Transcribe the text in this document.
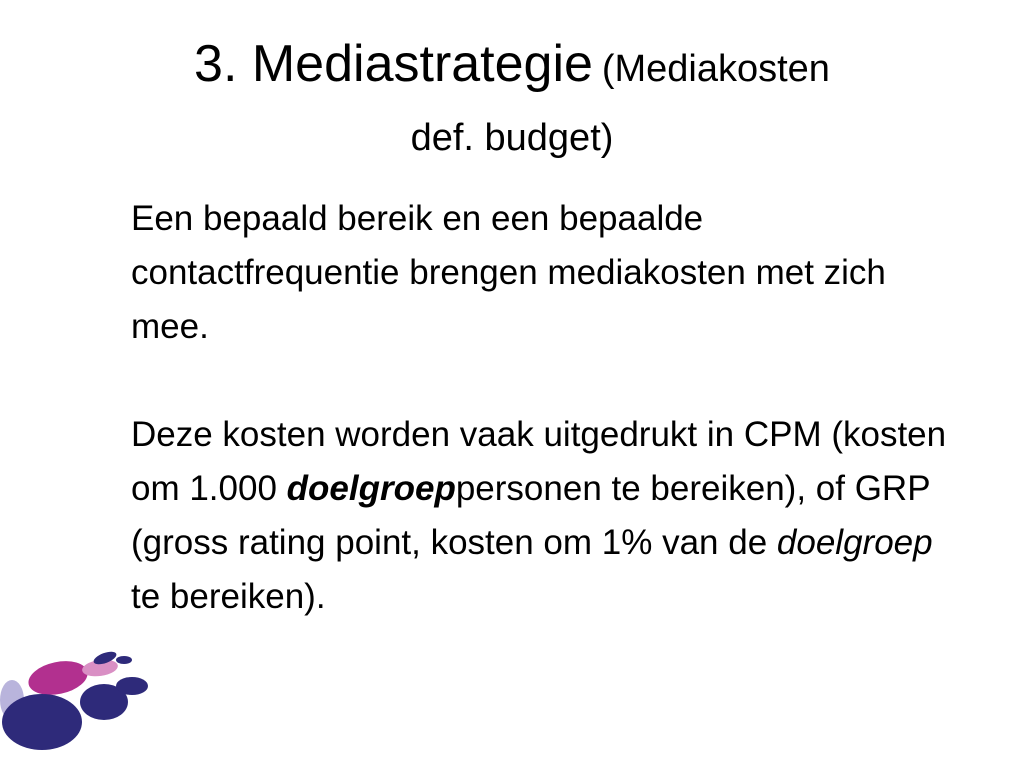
3. Mediastrategie (Mediakosten
def. budget)

Een bepaald bereik en een bepaalde contactfrequentie brengen mediakosten met zich mee.

Deze kosten worden vaak uitgedrukt in CPM (kosten om 1.000 doelgroeppersonen te bereiken), of GRP (gross rating point, kosten om 1% van de doelgroep te bereiken).
